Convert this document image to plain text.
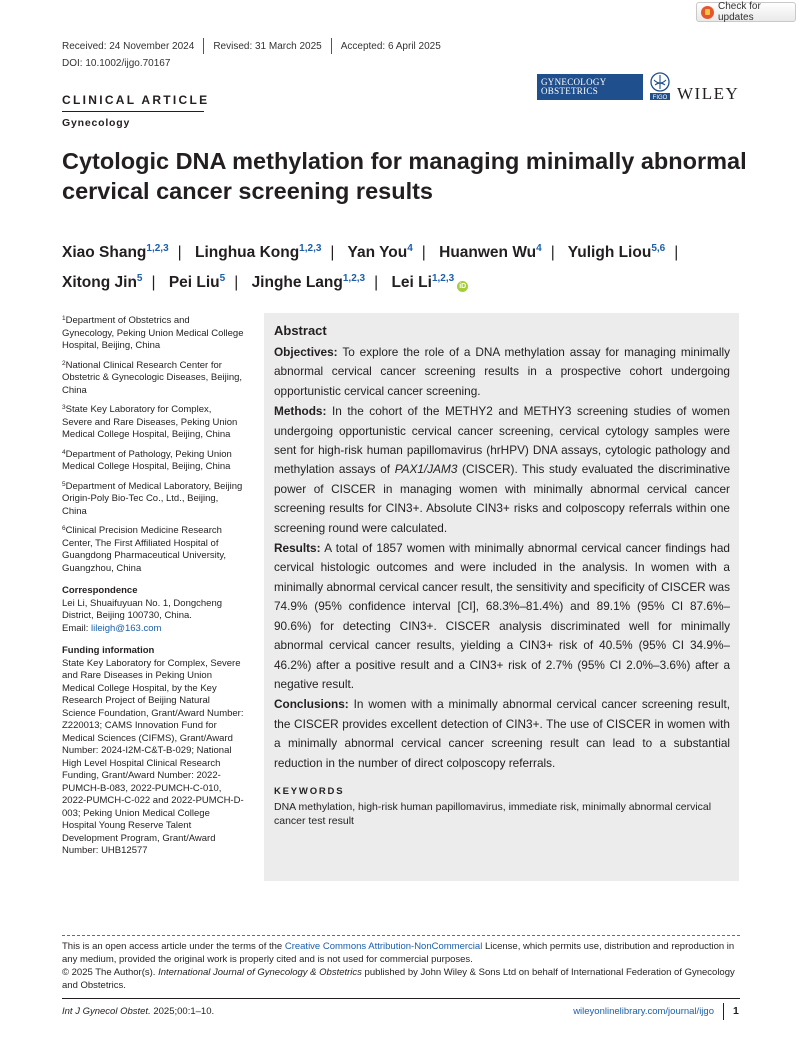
Check for updates
Received: 24 November 2024 Revised: 31 March 2025 Accepted: 6 April 2025
DOI: 10.1002/ijgo.70167
CLINICAL ARTICLE
Gynecology
GYNECOLOGY
OBSTETRICS
FIGO WILEY
Cytologic DNA methylation for managing minimally abnormal cervical cancer screening results
Xiao Shang$^{1,2,3}$ | Linghua Kong$^{1,2,3}$ | Yan You$^4$ | Huanwen Wu$^4$ | Yuligh Liou$^{5,6}$ |
Xitong Jin$^5$ | Pei Liu$^5$ | Jinghe Lang$^{1,2,3}$ | Lei Li$^{1,2,3}$iD
$^1$Department of Obstetrics and Gynecology, Peking Union Medical College Hospital, Beijing, China
$^2$National Clinical Research Center for Obstetric & Gynecologic Diseases, Beijing, China
$^3$State Key Laboratory for Complex, Severe and Rare Diseases, Peking Union Medical College Hospital, Beijing, China
$^4$Department of Pathology, Peking Union Medical College Hospital, Beijing, China
$^5$Department of Medical Laboratory, Beijing Origin-Poly Bio-Tec Co., Ltd., Beijing, China
$^6$Clinical Precision Medicine Research Center, The First Affiliated Hospital of Guangdong Pharmaceutical University, Guangzhou, China
Correspondence
Lei Li, Shuaifuyuan No. 1, Dongcheng District, Beijing 100730, China.
Email: lileigh@163.com
Funding information
State Key Laboratory for Complex, Severe and Rare Diseases in Peking Union Medical College Hospital, by the Key Research Project of Beijing Natural Science Foundation, Grant/Award Number: Z220013; CAMS Innovation Fund for Medical Sciences (CIFMS), Grant/Award Number: 2024-I2M-C&T-B-029; National High Level Hospital Clinical Research Funding, Grant/Award Number: 2022-PUMCH-B-083, 2022-PUMCH-C-010, 2022-PUMCH-C-022 and 2022-PUMCH-D-003; Peking Union Medical College Hospital Young Reserve Talent Development Program, Grant/Award Number: UHB12577
Abstract

Objectives: To explore the role of a DNA methylation assay for managing minimally abnormal cervical cancer screening results in a prospective cohort undergoing opportunistic cervical cancer screening.

Methods: In the cohort of the METHY2 and METHY3 screening studies of women undergoing opportunistic cervical cancer screening, cervical cytology samples were sent for high-risk human papillomavirus (hrHPV) DNA assays, cytologic pathology and methylation assays of PAX1/JAM3 (CISCER). This study evaluated the discriminative power of CISCER in managing women with minimally abnormal cervical cancer screening results for CIN3+. Absolute CIN3+ risks and colposcopy referrals within one screening round were calculated.

Results: A total of 1857 women with minimally abnormal cervical cancer findings had cervical histologic outcomes and were included in the analysis. In women with a minimally abnormal cervical cancer result, the sensitivity and specificity of CISCER was 74.9% (95% confidence interval [CI], 68.3%–81.4%) and 89.1% (95% CI 87.6%–90.6%) for detecting CIN3+. CISCER analysis discriminated well for minimally abnormal cervical cancer results, yielding a CIN3+ risk of 40.5% (95% CI 34.9%–46.2%) after a positive result and a CIN3+ risk of 2.7% (95% CI 2.0%–3.6%) after a negative result.

Conclusions: In women with a minimally abnormal cervical cancer screening result, the CISCER provides excellent detection of CIN3+. The use of CISCER in women with a minimally abnormal cervical cancer screening result can lead to a substantial reduction in the number of direct colposcopy referrals.

KEYWORDS
DNA methylation, high-risk human papillomavirus, immediate risk, minimally abnormal cervical cancer test result
This is an open access article under the terms of the Creative Commons Attribution-NonCommercial License, which permits use, distribution and reproduction in any medium, provided the original work is properly cited and is not used for commercial purposes.
© 2025 The Author(s). International Journal of Gynecology & Obstetrics published by John Wiley & Sons Ltd on behalf of International Federation of Gynecology and Obstetrics.
Int J Gynecol Obstet. 2025;00:1–10.	wileyonlinelibrary.com/journal/ijgo 1
